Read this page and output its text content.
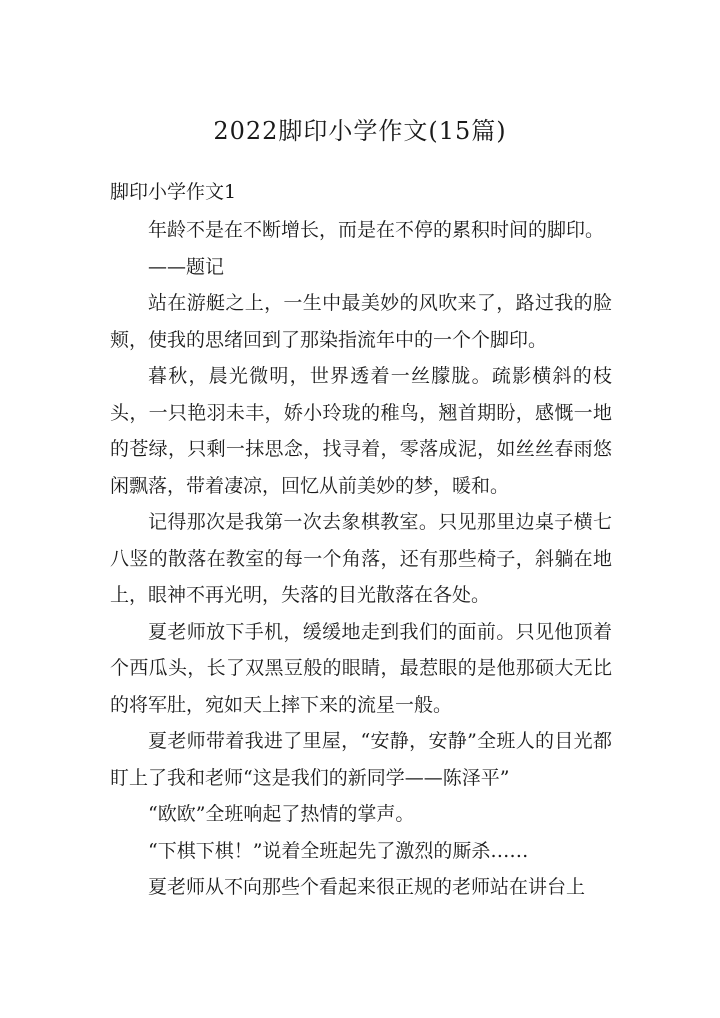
2022脚印小学作文(15篇)
脚印小学作文1

年龄不是在不断增长，而是在不停的累积时间的脚印。

——题记

站在游艇之上，一生中最美妙的风吹来了，路过我的脸颊，使我的思绪回到了那染指流年中的一个个脚印。

暮秋，晨光微明，世界透着一丝朦胧。疏影横斜的枝头，一只艳羽未丰，娇小玲珑的稚鸟，翘首期盼，感慨一地的苍绿，只剩一抹思念，找寻着，零落成泥，如丝丝春雨悠闲飘落，带着凄凉，回忆从前美妙的梦，暖和。

记得那次是我第一次去象棋教室。只见那里边桌子横七八竖的散落在教室的每一个角落，还有那些椅子，斜躺在地上，眼神不再光明，失落的目光散落在各处。

夏老师放下手机，缓缓地走到我们的面前。只见他顶着个西瓜头，长了双黑豆般的眼睛，最惹眼的是他那硕大无比的将军肚，宛如天上摔下来的流星一般。

夏老师带着我进了里屋，“安静，安静”全班人的目光都盯上了我和老师“这是我们的新同学——陈泽平”

“欧欧”全班响起了热情的掌声。

“下棋下棋！”说着全班起先了激烈的厮杀……

夏老师从不向那些个看起来很正规的老师站在讲台上
